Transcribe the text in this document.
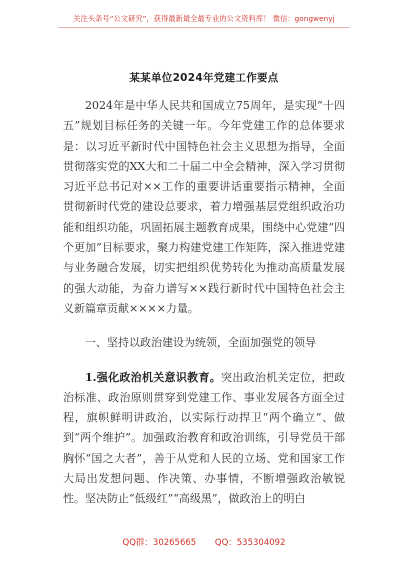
关注头条号“公文研究”，获得最新最全最专业的公文资料库！ 微信：gongwenyj
某某单位2024年党建工作要点

2024年是中华人民共和国成立75周年，是实现“十四五”规划目标任务的关键一年。今年党建工作的总体要求是：以习近平新时代中国特色社会主义思想为指导，全面贯彻落实党的XX大和二十届二中全会精神，深入学习贯彻习近平总书记对××工作的重要讲话重要指示精神，全面贯彻新时代党的建设总要求，着力增强基层党组织政治功能和组织功能，巩固拓展主题教育成果，围绕中心党建“四个更加”目标要求，聚力构建党建工作矩阵，深入推进党建与业务融合发展，切实把组织优势转化为推动高质量发展的强大动能，为奋力谱写××践行新时代中国特色社会主义新篇章贡献××××力量。

一、坚持以政治建设为统领，全面加强党的领导

1.强化政治机关意识教育。突出政治机关定位，把政治标准、政治原则贯穿到党建工作、事业发展各方面全过程，旗帜鲜明讲政治，以实际行动捍卫“两个确立”、做到“两个维护”。加强政治教育和政治训练，引导党员干部胸怀“国之大者”，善于从党和人民的立场、党和国家工作大局出发想问题、作决策、办事情，不断增强政治敏锐性。坚决防止“低级红”“高级黑”，做政治上的明白

QQ群：30265665 QQ：535304092
